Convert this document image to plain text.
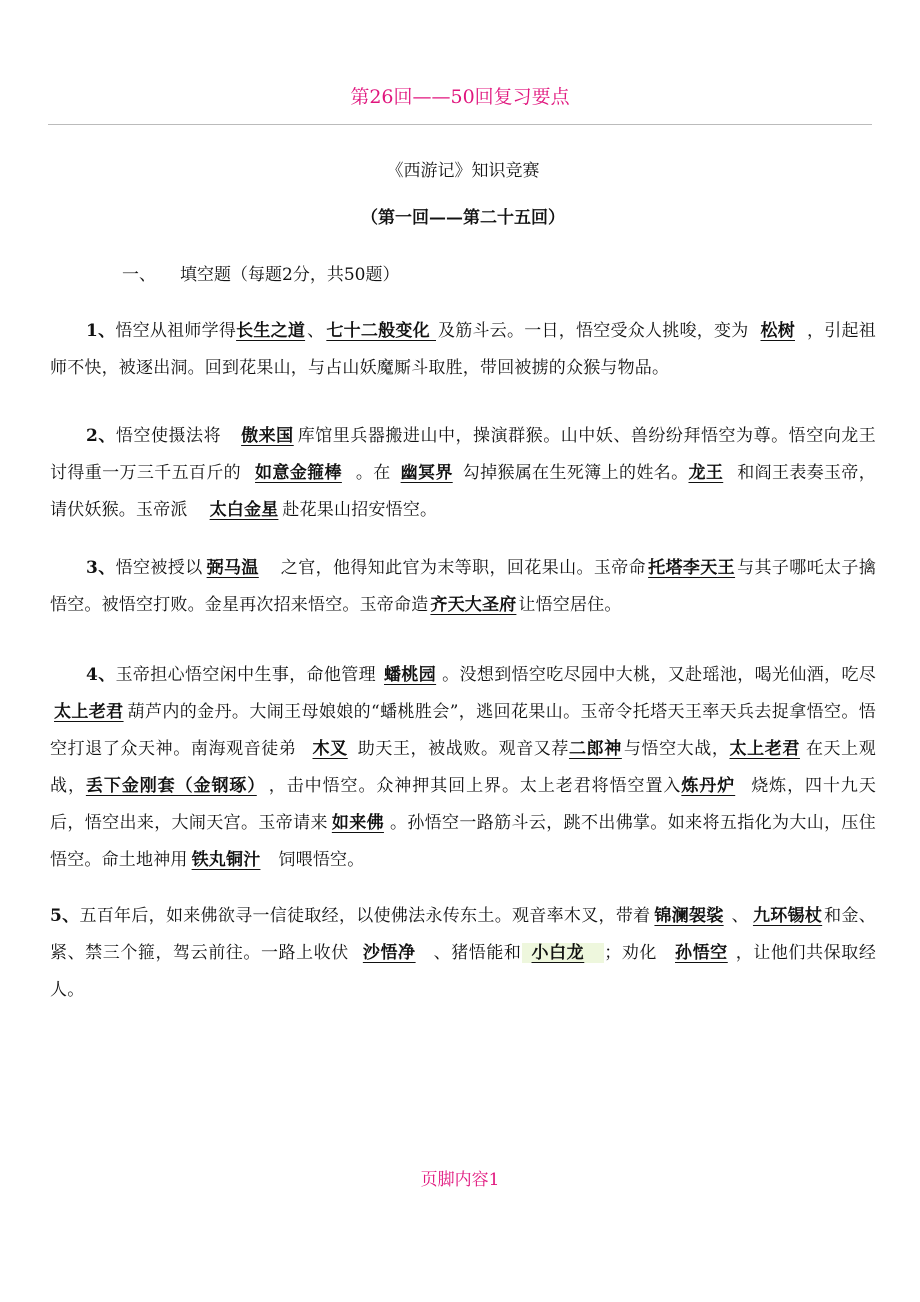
第26回——50回复习要点
《西游记》知识竞赛
（第一回——第二十五回）
一、 填空题（每题2分，共50题）
1、悟空从祖师学得长生之道 、 七十二般变化 及筋斗云。一日，悟空受众人挑唆，变为 松树 ，引起祖师不快，被逐出洞。回到花果山，与占山妖魔厮斗取胜，带回被掳的众猴与物品。
2、悟空使摄法将 傲来国 库馆里兵器搬进山中，操演群猴。山中妖、兽纷纷拜悟空为尊。悟空向龙王讨得重一万三千五百斤的 如意金箍棒 。在 幽冥界 勾掉猴属在生死簿上的姓名。龙王 和阎王表奏玉帝，请伏妖猴。玉帝派 太白金星 赴花果山招安悟空。
3、悟空被授以 弼马温 之官，他得知此官为末等职，回花果山。玉帝命 托塔李天王 与其子哪吒太子擒悟空。被悟空打败。金星再次招来悟空。玉帝命造 齐天大圣府 让悟空居住。
4、玉帝担心悟空闲中生事，命他管理 蟠桃园 。没想到悟空吃尽园中大桃，又赴瑶池，喝光仙酒，吃尽太上老君 葫芦内的金丹。大闹王母娘娘的“蟠桃胜会”，逃回花果山。玉帝令托塔天王率天兵去捉拿悟空。悟空打退了众天神。南海观音徒弟 木叉 助天王，被战败。观音又荐二郎神 与悟空大战，太上老君 在天上观战，丢下金刚套（金钢琢） ，击中悟空。众神押其回上界。太上老君将悟空置入炼丹炉 烧炼，四十九天后，悟空出来，大闹天宫。玉帝请来 如来佛 。孙悟空一路筋斗云，跳不出佛掌。如来将五指化为大山，压住悟空。命土地神用 铁丸铜汁 饲喂悟空。
5、五百年后，如来佛欲寻一信徒取经，以使佛法永传东土。观音率木叉，带着 锦澜袈裟 、 九环锡杖 和金、紧、禁三个箍，驾云前往。一路上收伏 沙悟净 、猪悟能和 小白龙 ；劝化 孙悟空 ，让他们共保取经人。
页脚内容1
